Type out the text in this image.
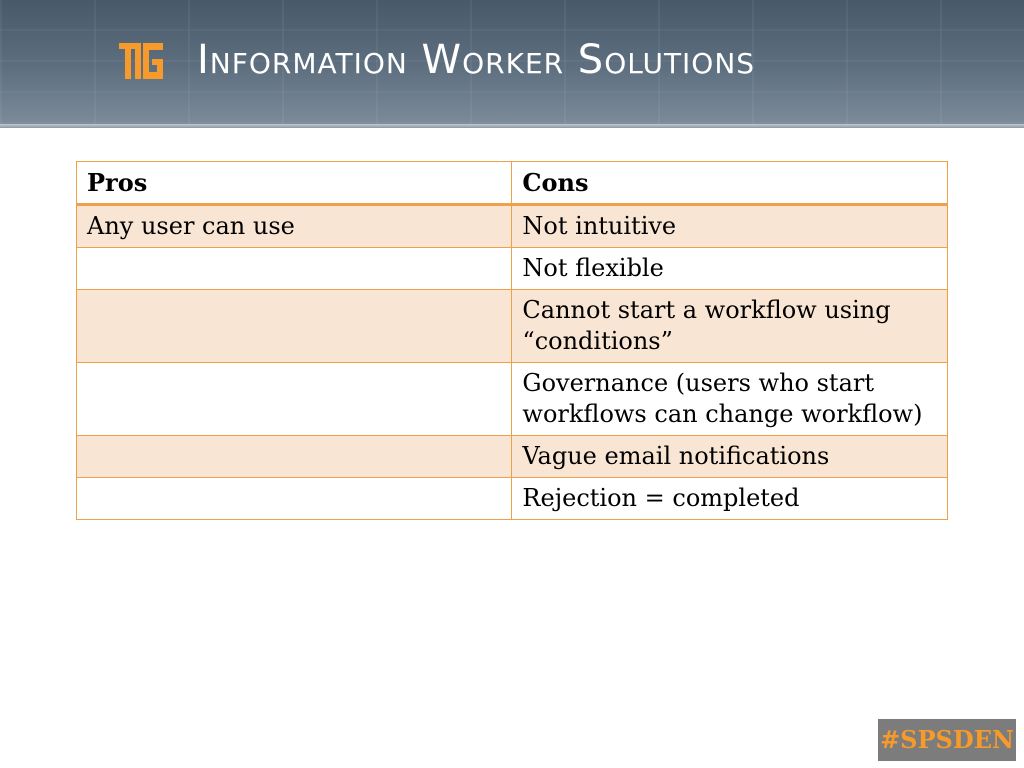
Information Worker Solutions
Pros	Cons
Any user can use	Not intuitive
	Not flexible
	Cannot start a workflow using “conditions”
	Governance (users who start workflows can change workflow)
	Vague email notifications
	Rejection = completed
#SPSDEN
